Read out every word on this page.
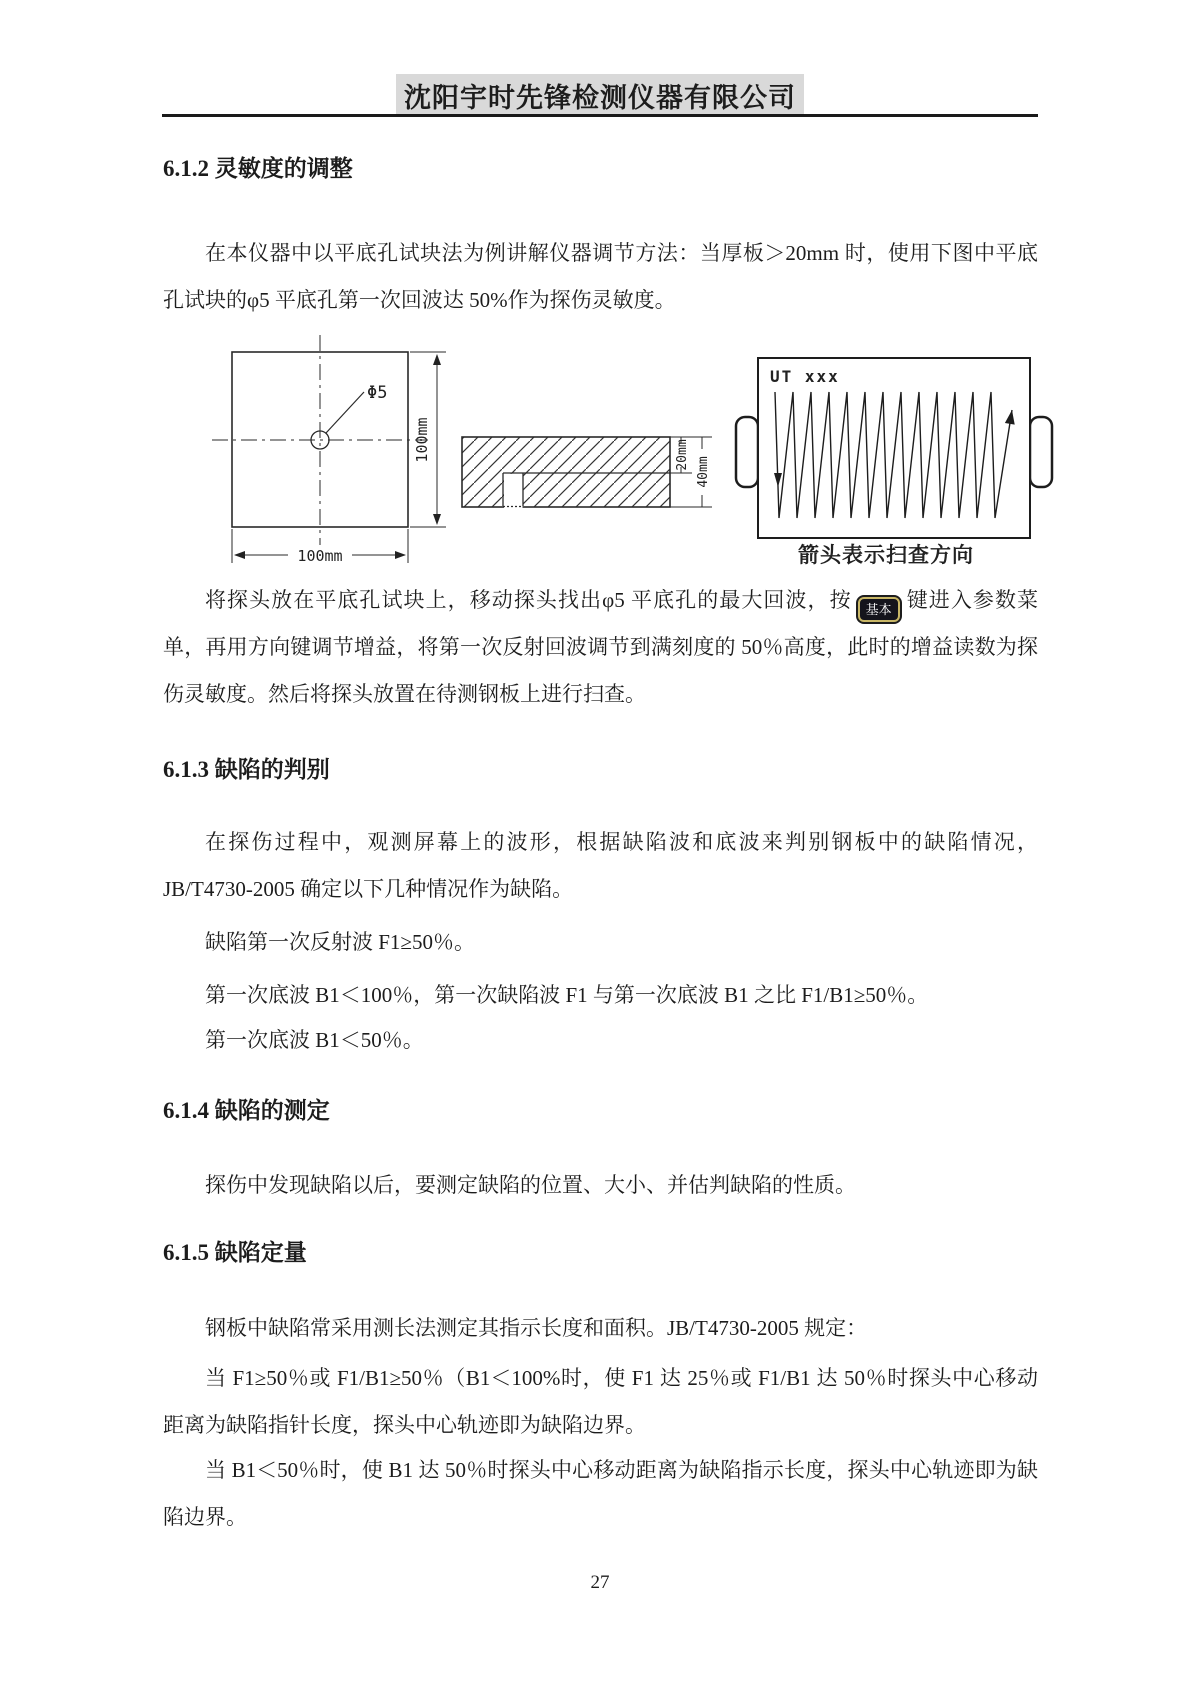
沈阳宇时先锋检测仪器有限公司
6.1.2 灵敏度的调整

在本仪器中以平底孔试块法为例讲解仪器调节方法：当厚板＞20mm 时，使用下图中平底孔试块的φ5 平底孔第一次回波达 50%作为探伤灵敏度。

Φ5
100mm
100mm
20mm
40mm
UT xxx
箭头表示扫查方向

将探头放在平底孔试块上，移动探头找出φ5 平底孔的最大回波，按 基本 键进入参数菜单，再用方向键调节增益，将第一次反射回波调节到满刻度的 50％高度，此时的增益读数为探伤灵敏度。然后将探头放置在待测钢板上进行扫查。

6.1.3 缺陷的判别

在探伤过程中，观测屏幕上的波形，根据缺陷波和底波来判别钢板中的缺陷情况，JB/T4730-2005 确定以下几种情况作为缺陷。

缺陷第一次反射波 F1≥50％。

第一次底波 B1＜100％，第一次缺陷波 F1 与第一次底波 B1 之比 F1/B1≥50％。

第一次底波 B1＜50％。

6.1.4 缺陷的测定

探伤中发现缺陷以后，要测定缺陷的位置、大小、并估判缺陷的性质。

6.1.5 缺陷定量

钢板中缺陷常采用测长法测定其指示长度和面积。JB/T4730-2005 规定：

当 F1≥50％或 F1/B1≥50％（B1＜100%时，使 F1 达 25％或 F1/B1 达 50％时探头中心移动距离为缺陷指针长度，探头中心轨迹即为缺陷边界。

当 B1＜50％时，使 B1 达 50％时探头中心移动距离为缺陷指示长度，探头中心轨迹即为缺陷边界。

27
